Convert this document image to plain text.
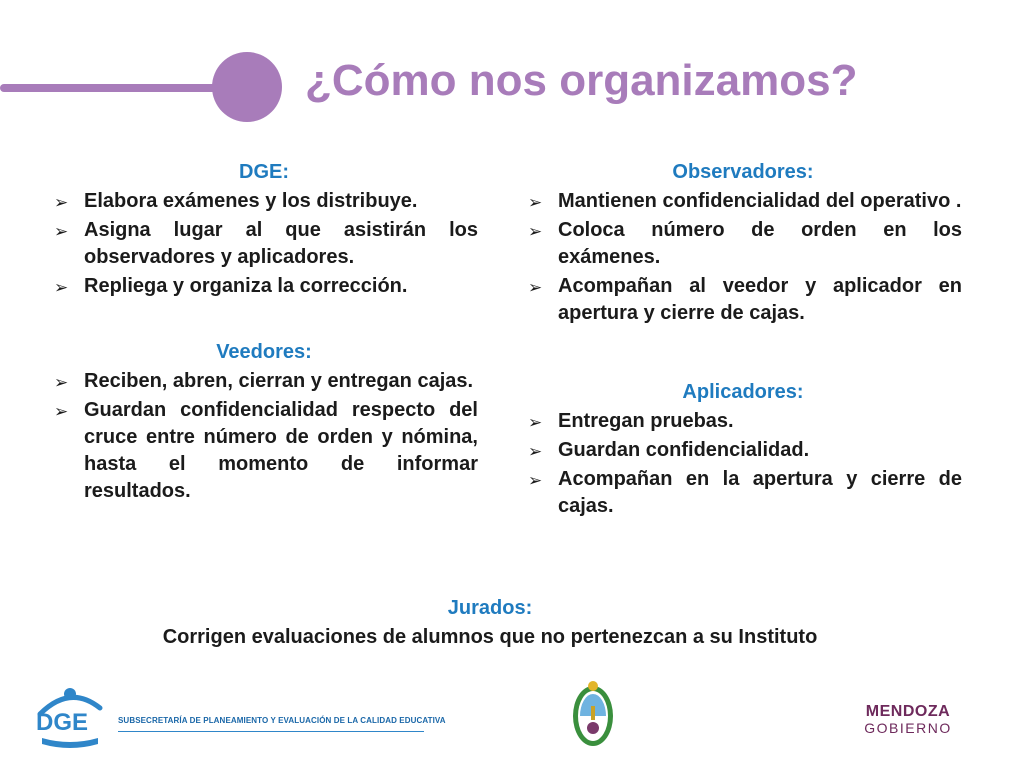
¿Cómo nos organizamos?
DGE:
➢ Elabora exámenes y los distribuye.
➢ Asigna lugar al que asistirán los observadores y aplicadores.
➢ Repliega y organiza la corrección.
Veedores:
➢ Reciben, abren, cierran y entregan cajas.
➢ Guardan confidencialidad respecto del cruce entre número de orden y nómina, hasta el momento de informar resultados.
Observadores:
➢ Mantienen confidencialidad del operativo .
➢ Coloca número de orden en los exámenes.
➢ Acompañan al veedor y aplicador en apertura y cierre de cajas.
Aplicadores:
➢ Entregan pruebas.
➢ Guardan confidencialidad.
➢ Acompañan en la apertura y cierre de cajas.
Jurados:

Corrigen evaluaciones de alumnos que no pertenezcan a su Instituto

DGE	SUBSECRETARÍA DE PLANEAMIENTO Y EVALUACIÓN DE LA CALIDAD EDUCATIVA
MENDOZA
GOBIERNO
